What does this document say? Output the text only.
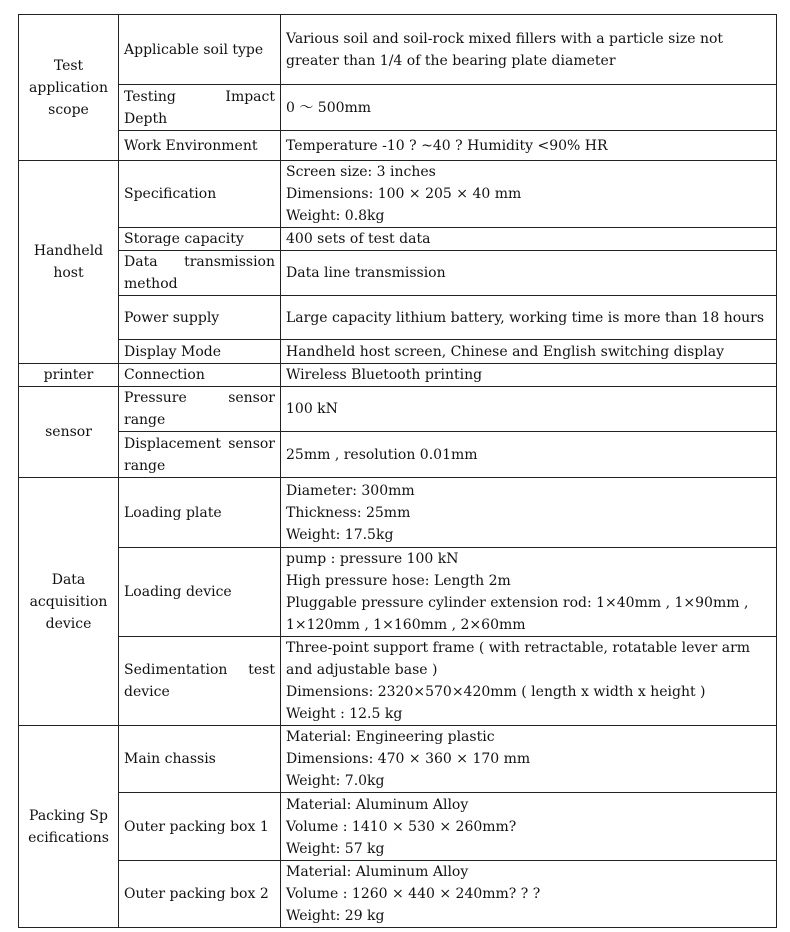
Test application scope	Applicable soil type	Various soil and soil-rock mixed fillers with a particle size not greater than 1/4 of the bearing plate diameter

	Testing Impact Depth	0 ～ 500mm

	Work Environment	Temperature -10 ? ~40 ? Humidity <90% HR

Handheld host	Specification	Screen size: 3 inches
Dimensions: 100 × 205 × 40 mm
Weight: 0.8kg

	Storage capacity	400 sets of test data

	Data transmission method	Data line transmission

	Power supply	Large capacity lithium battery, working time is more than 18 hours

	Display Mode	Handheld host screen, Chinese and English switching display

printer	Connection	Wireless Bluetooth printing

sensor	Pressure sensor range	100 kN

	Displacement sensor range	25mm , resolution 0.01mm

Data acquisition device	Loading plate	Diameter: 300mm
Thickness: 25mm
Weight: 17.5kg

	Loading device	pump : pressure 100 kN
High pressure hose: Length 2m
Pluggable pressure cylinder extension rod: 1×40mm , 1×90mm , 1×120mm , 1×160mm , 2×60mm

	Sedimentation test device	Three-point support frame ( with retractable, rotatable lever arm and adjustable base )
Dimensions: 2320×570×420mm ( length x width x height )
Weight : 12.5 kg

Packing Specifications	Main chassis	Material: Engineering plastic
Dimensions: 470 × 360 × 170 mm
Weight: 7.0kg

	Outer packing box 1	Material: Aluminum Alloy
Volume : 1410 × 530 × 260mm?
Weight: 57 kg

	Outer packing box 2	Material: Aluminum Alloy
Volume : 1260 × 440 × 240mm? ? ?
Weight: 29 kg
